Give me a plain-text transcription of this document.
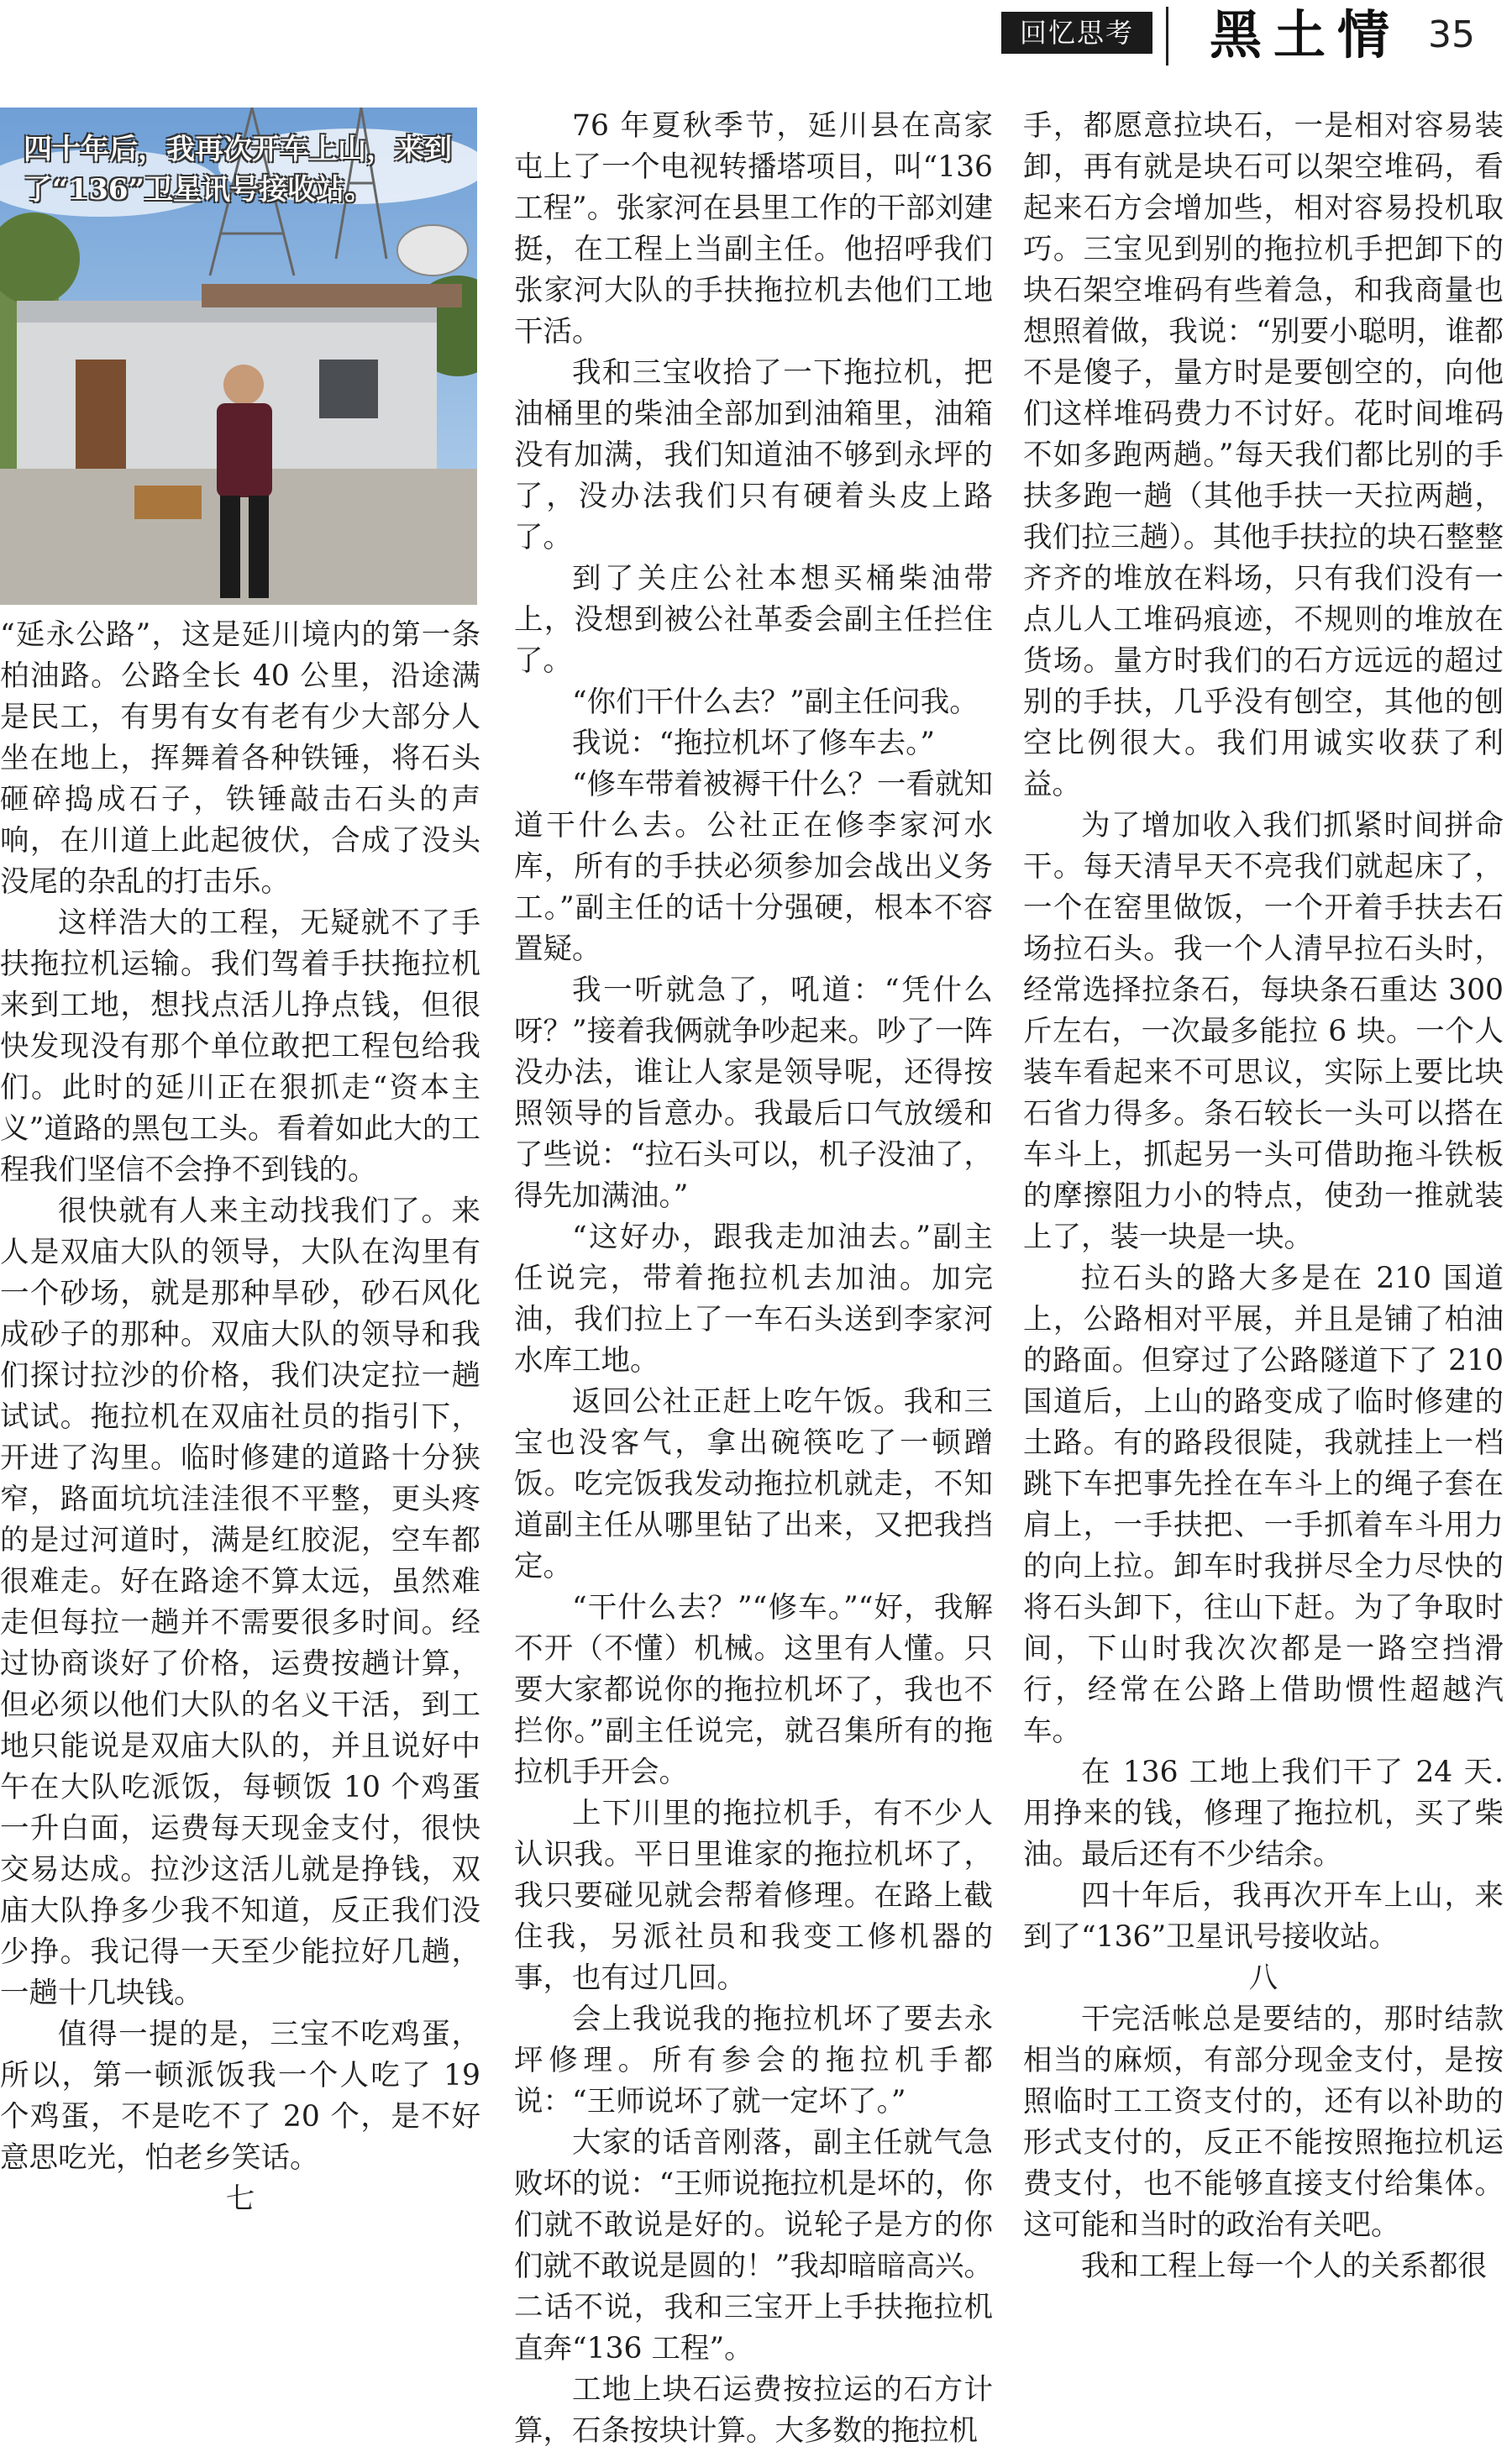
回忆思考	黑土情 35
四十年后，我再次开车上山，来到了“136”卫星讯号接收站。

“延永公路”，这是延川境内的第一条柏油路。公路全长 40 公里，沿途满是民工，有男有女有老有少大部分人坐在地上，挥舞着各种铁锤，将石头砸碎捣成石子，铁锤敲击石头的声响，在川道上此起彼伏，合成了没头没尾的杂乱的打击乐。

这样浩大的工程，无疑就不了手扶拖拉机运输。我们驾着手扶拖拉机来到工地，想找点活儿挣点钱，但很快发现没有那个单位敢把工程包给我们。此时的延川正在狠抓走“资本主义”道路的黑包工头。看着如此大的工程我们坚信不会挣不到钱的。

很快就有人来主动找我们了。来人是双庙大队的领导，大队在沟里有一个砂场，就是那种旱砂，砂石风化成砂子的那种。双庙大队的领导和我们探讨拉沙的价格，我们决定拉一趟试试。拖拉机在双庙社员的指引下，开进了沟里。临时修建的道路十分狭窄，路面坑坑洼洼很不平整，更头疼的是过河道时，满是红胶泥，空车都很难走。好在路途不算太远，虽然难走但每拉一趟并不需要很多时间。经过协商谈好了价格，运费按趟计算，但必须以他们大队的名义干活，到工地只能说是双庙大队的，并且说好中午在大队吃派饭，每顿饭 10 个鸡蛋一升白面，运费每天现金支付，很快交易达成。拉沙这活儿就是挣钱，双庙大队挣多少我不知道，反正我们没少挣。我记得一天至少能拉好几趟，一趟十几块钱。

值得一提的是，三宝不吃鸡蛋，所以，第一顿派饭我一个人吃了 19 个鸡蛋，不是吃不了 20 个，是不好意思吃光，怕老乡笑话。

七

76 年夏秋季节，延川县在高家屯上了一个电视转播塔项目，叫“136 工程”。张家河在县里工作的干部刘建挺，在工程上当副主任。他招呼我们张家河大队的手扶拖拉机去他们工地干活。

我和三宝收拾了一下拖拉机，把油桶里的柴油全部加到油箱里，油箱没有加满，我们知道油不够到永坪的了，没办法我们只有硬着头皮上路了。

到了关庄公社本想买桶柴油带上，没想到被公社革委会副主任拦住了。

“你们干什么去？”副主任问我。

我说：“拖拉机坏了修车去。”

“修车带着被褥干什么？一看就知道干什么去。公社正在修李家河水库，所有的手扶必须参加会战出义务工。”副主任的话十分强硬，根本不容置疑。

我一听就急了，吼道：“凭什么呀？”接着我俩就争吵起来。吵了一阵没办法，谁让人家是领导呢，还得按照领导的旨意办。我最后口气放缓和了些说：“拉石头可以，机子没油了，得先加满油。”

“这好办，跟我走加油去。”副主任说完，带着拖拉机去加油。加完油，我们拉上了一车石头送到李家河水库工地。

返回公社正赶上吃午饭。我和三宝也没客气，拿出碗筷吃了一顿蹭饭。吃完饭我发动拖拉机就走，不知道副主任从哪里钻了出来，又把我挡定。

“干什么去？”“修车。”“好，我解不开（不懂）机械。这里有人懂。只要大家都说你的拖拉机坏了，我也不拦你。”副主任说完，就召集所有的拖拉机手开会。

上下川里的拖拉机手，有不少人认识我。平日里谁家的拖拉机坏了，我只要碰见就会帮着修理。在路上截住我，另派社员和我变工修机器的事，也有过几回。

会上我说我的拖拉机坏了要去永坪修理。所有参会的拖拉机手都说：“王师说坏了就一定坏了。”

大家的话音刚落，副主任就气急败坏的说：“王师说拖拉机是坏的，你们就不敢说是好的。说轮子是方的你们就不敢说是圆的！”我却暗暗高兴。二话不说，我和三宝开上手扶拖拉机直奔“136 工程”。

工地上块石运费按拉运的石方计算，石条按块计算。大多数的拖拉机

手，都愿意拉块石，一是相对容易装卸，再有就是块石可以架空堆码，看起来石方会增加些，相对容易投机取巧。三宝见到别的拖拉机手把卸下的块石架空堆码有些着急，和我商量也想照着做，我说：“别要小聪明，谁都不是傻子，量方时是要刨空的，向他们这样堆码费力不讨好。花时间堆码不如多跑两趟。”每天我们都比别的手扶多跑一趟（其他手扶一天拉两趟，我们拉三趟）。其他手扶拉的块石整整齐齐的堆放在料场，只有我们没有一点儿人工堆码痕迹，不规则的堆放在货场。量方时我们的石方远远的超过别的手扶，几乎没有刨空，其他的刨空比例很大。我们用诚实收获了利益。

为了增加收入我们抓紧时间拼命干。每天清早天不亮我们就起床了，一个在窑里做饭，一个开着手扶去石场拉石头。我一个人清早拉石头时，经常选择拉条石，每块条石重达 300 斤左右，一次最多能拉 6 块。一个人装车看起来不可思议，实际上要比块石省力得多。条石较长一头可以搭在车斗上，抓起另一头可借助拖斗铁板的摩擦阻力小的特点，使劲一推就装上了，装一块是一块。

拉石头的路大多是在 210 国道上，公路相对平展，并且是铺了柏油的路面。但穿过了公路隧道下了 210 国道后，上山的路变成了临时修建的土路。有的路段很陡，我就挂上一档跳下车把事先拴在车斗上的绳子套在肩上，一手扶把、一手抓着车斗用力的向上拉。卸车时我拼尽全力尽快的将石头卸下，往山下赶。为了争取时间，下山时我次次都是一路空挡滑行，经常在公路上借助惯性超越汽车。

在 136 工地上我们干了 24 天.用挣来的钱，修理了拖拉机，买了柴油。最后还有不少结余。

四十年后，我再次开车上山，来到了“136”卫星讯号接收站。

八

干完活帐总是要结的，那时结款相当的麻烦，有部分现金支付，是按照临时工工资支付的，还有以补助的形式支付的，反正不能按照拖拉机运费支付，也不能够直接支付给集体。这可能和当时的政治有关吧。

我和工程上每一个人的关系都很
